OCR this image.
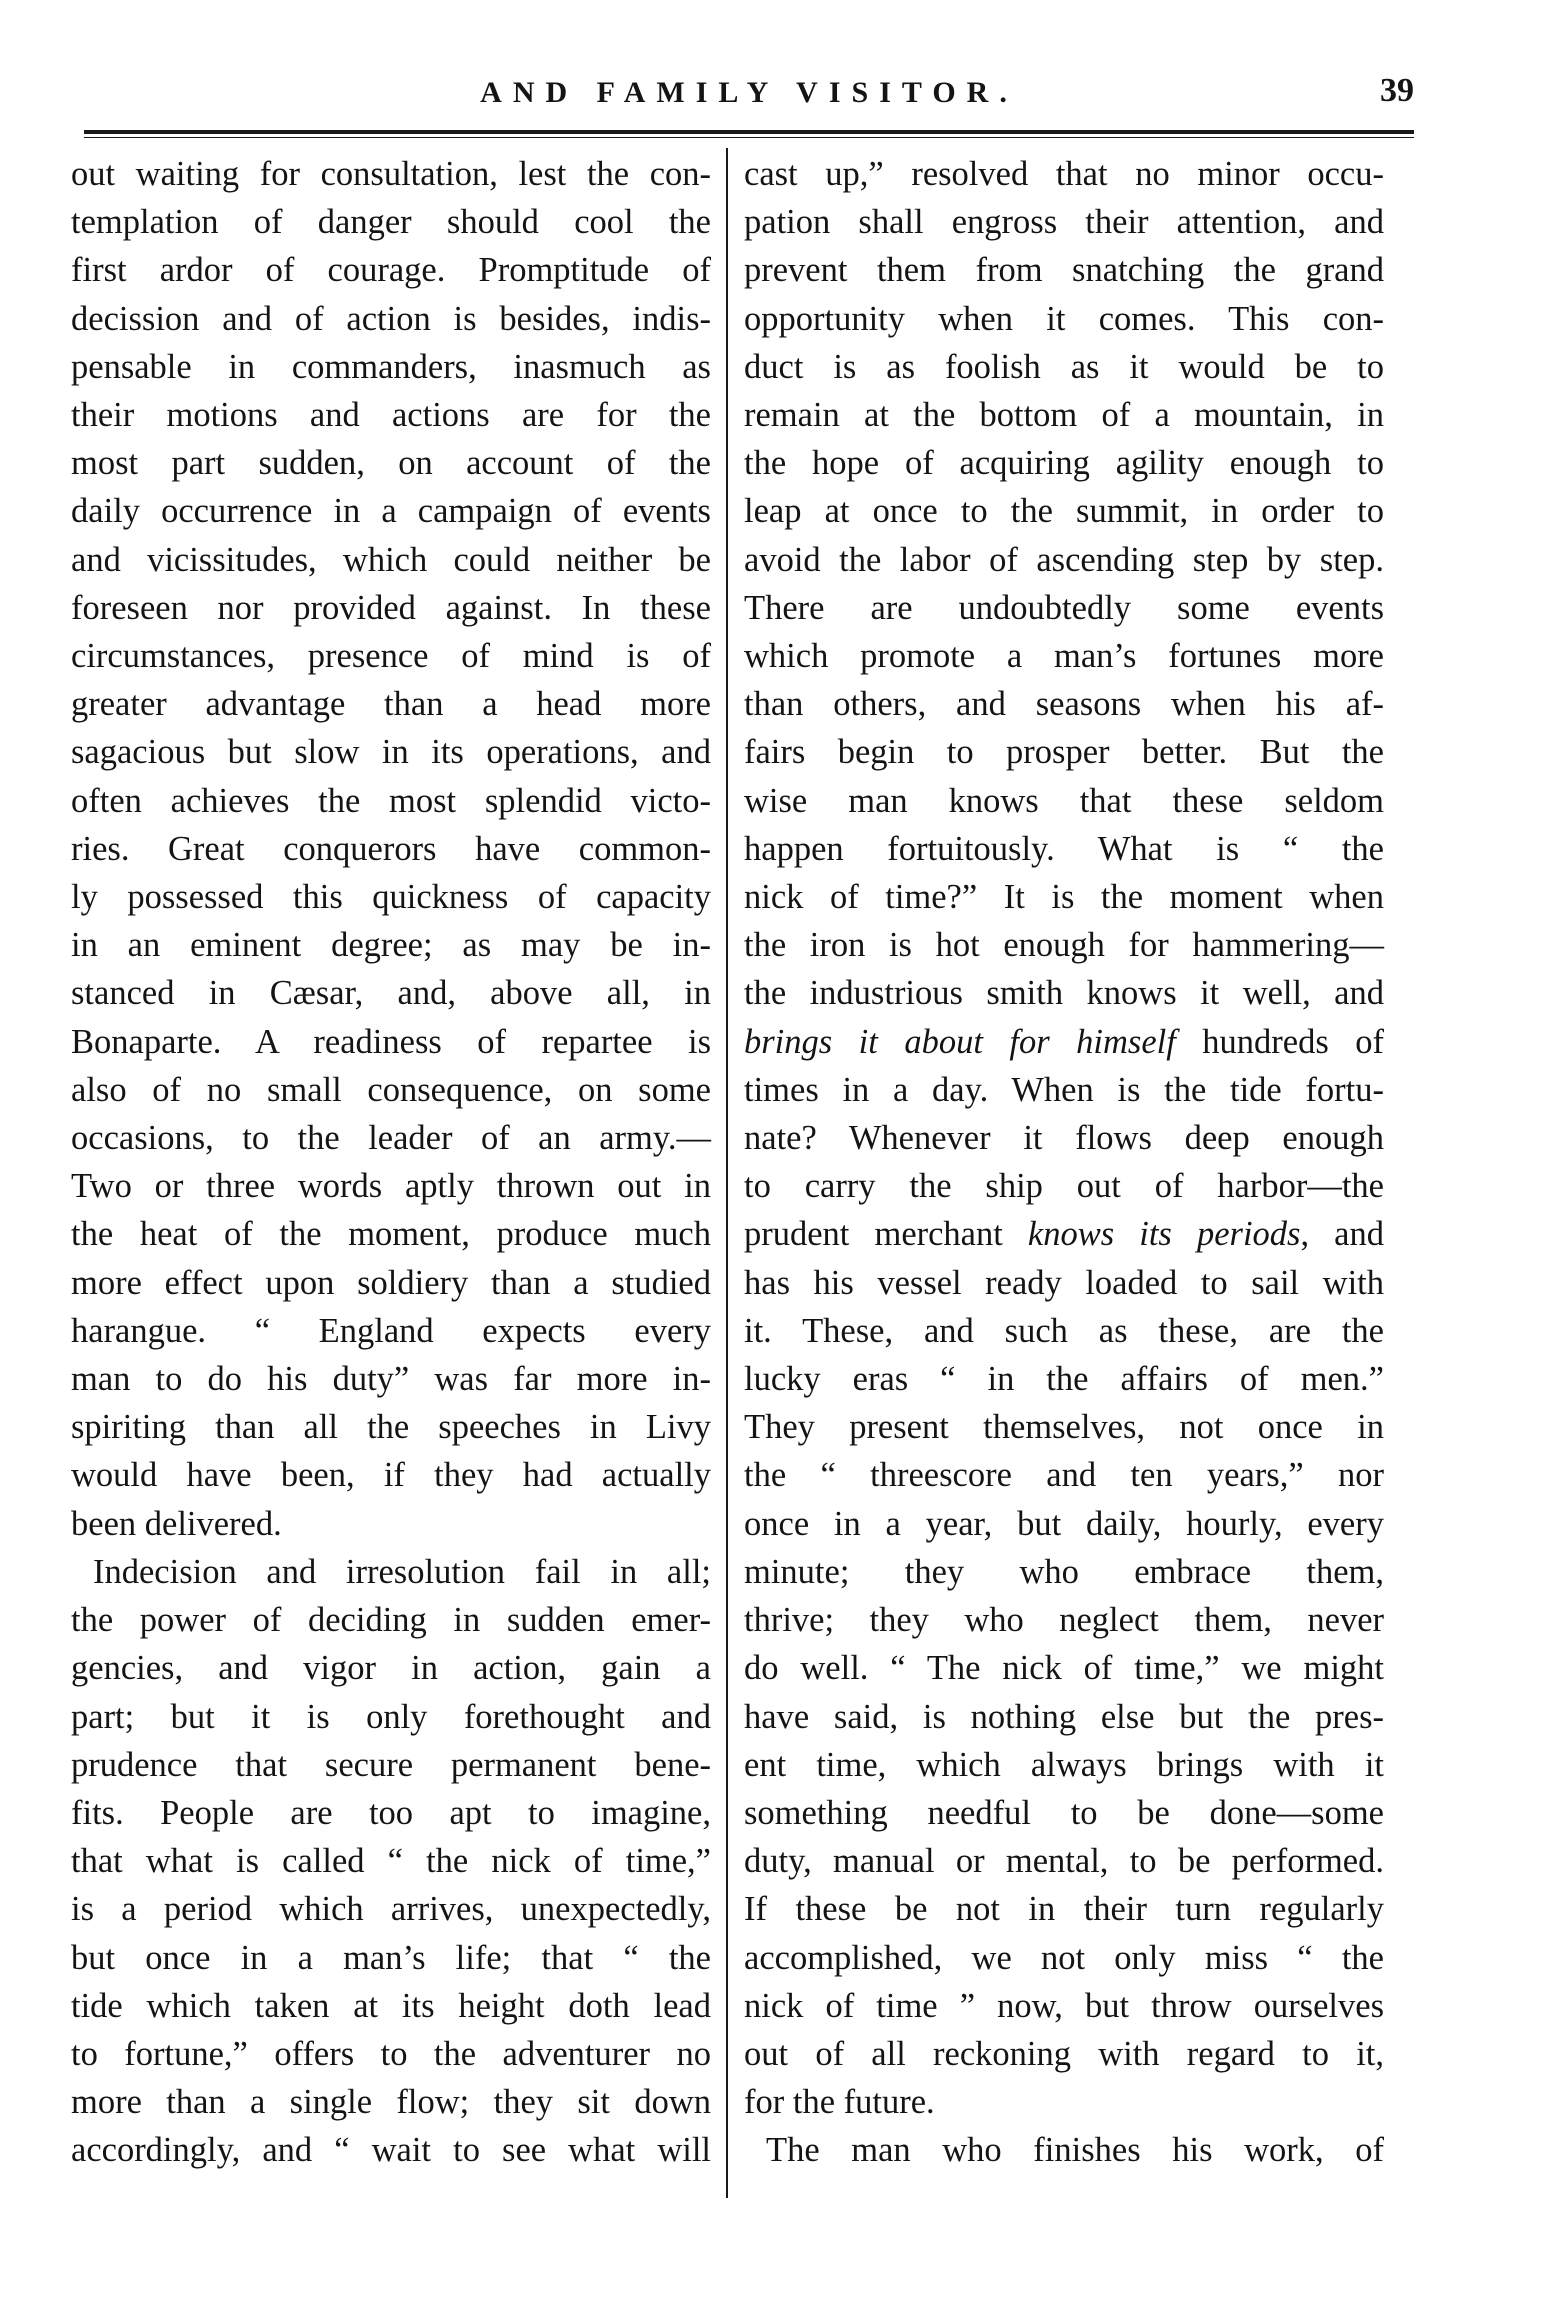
AND FAMILY VISITOR.	39
out waiting for consultation, lest the con-
templation of danger should cool the
first ardor of courage. Promptitude of
decission and of action is besides, indis-
pensable in commanders, inasmuch as
their motions and actions are for the
most part sudden, on account of the
daily occurrence in a campaign of events
and vicissitudes, which could neither be
foreseen nor provided against. In these
circumstances, presence of mind is of
greater advantage than a head more
sagacious but slow in its operations, and
often achieves the most splendid victo-
ries. Great conquerors have common-
ly possessed this quickness of capacity
in an eminent degree; as may be in-
stanced in Cæsar, and, above all, in
Bonaparte. A readiness of repartee is
also of no small consequence, on some
occasions, to the leader of an army.—
Two or three words aptly thrown out in
the heat of the moment, produce much
more effect upon soldiery than a studied
harangue. “ England expects every
man to do his duty” was far more in-
spiriting than all the speeches in Livy
would have been, if they had actually
been delivered.
Indecision and irresolution fail in all;
the power of deciding in sudden emer-
gencies, and vigor in action, gain a
part; but it is only forethought and
prudence that secure permanent bene-
fits. People are too apt to imagine,
that what is called “ the nick of time,”
is a period which arrives, unexpectedly,
but once in a man’s life; that “ the
tide which taken at its height doth lead
to fortune,” offers to the adventurer no
more than a single flow; they sit down
accordingly, and “ wait to see what will
cast up,” resolved that no minor occu-
pation shall engross their attention, and
prevent them from snatching the grand
opportunity when it comes. This con-
duct is as foolish as it would be to
remain at the bottom of a mountain, in
the hope of acquiring agility enough to
leap at once to the summit, in order to
avoid the labor of ascending step by step.
There are undoubtedly some events
which promote a man’s fortunes more
than others, and seasons when his af-
fairs begin to prosper better. But the
wise man knows that these seldom
happen fortuitously. What is “ the
nick of time?” It is the moment when
the iron is hot enough for hammering—
the industrious smith knows it well, and
brings it about for himself hundreds of
times in a day. When is the tide fortu-
nate? Whenever it flows deep enough
to carry the ship out of harbor—the
prudent merchant knows its periods, and
has his vessel ready loaded to sail with
it. These, and such as these, are the
lucky eras “ in the affairs of men.”
They present themselves, not once in
the “ threescore and ten years,” nor
once in a year, but daily, hourly, every
minute; they who embrace them,
thrive; they who neglect them, never
do well. “ The nick of time,” we might
have said, is nothing else but the pres-
ent time, which always brings with it
something needful to be done—some
duty, manual or mental, to be performed.
If these be not in their turn regularly
accomplished, we not only miss “ the
nick of time ” now, but throw ourselves
out of all reckoning with regard to it,
for the future.
The man who finishes his work, of
